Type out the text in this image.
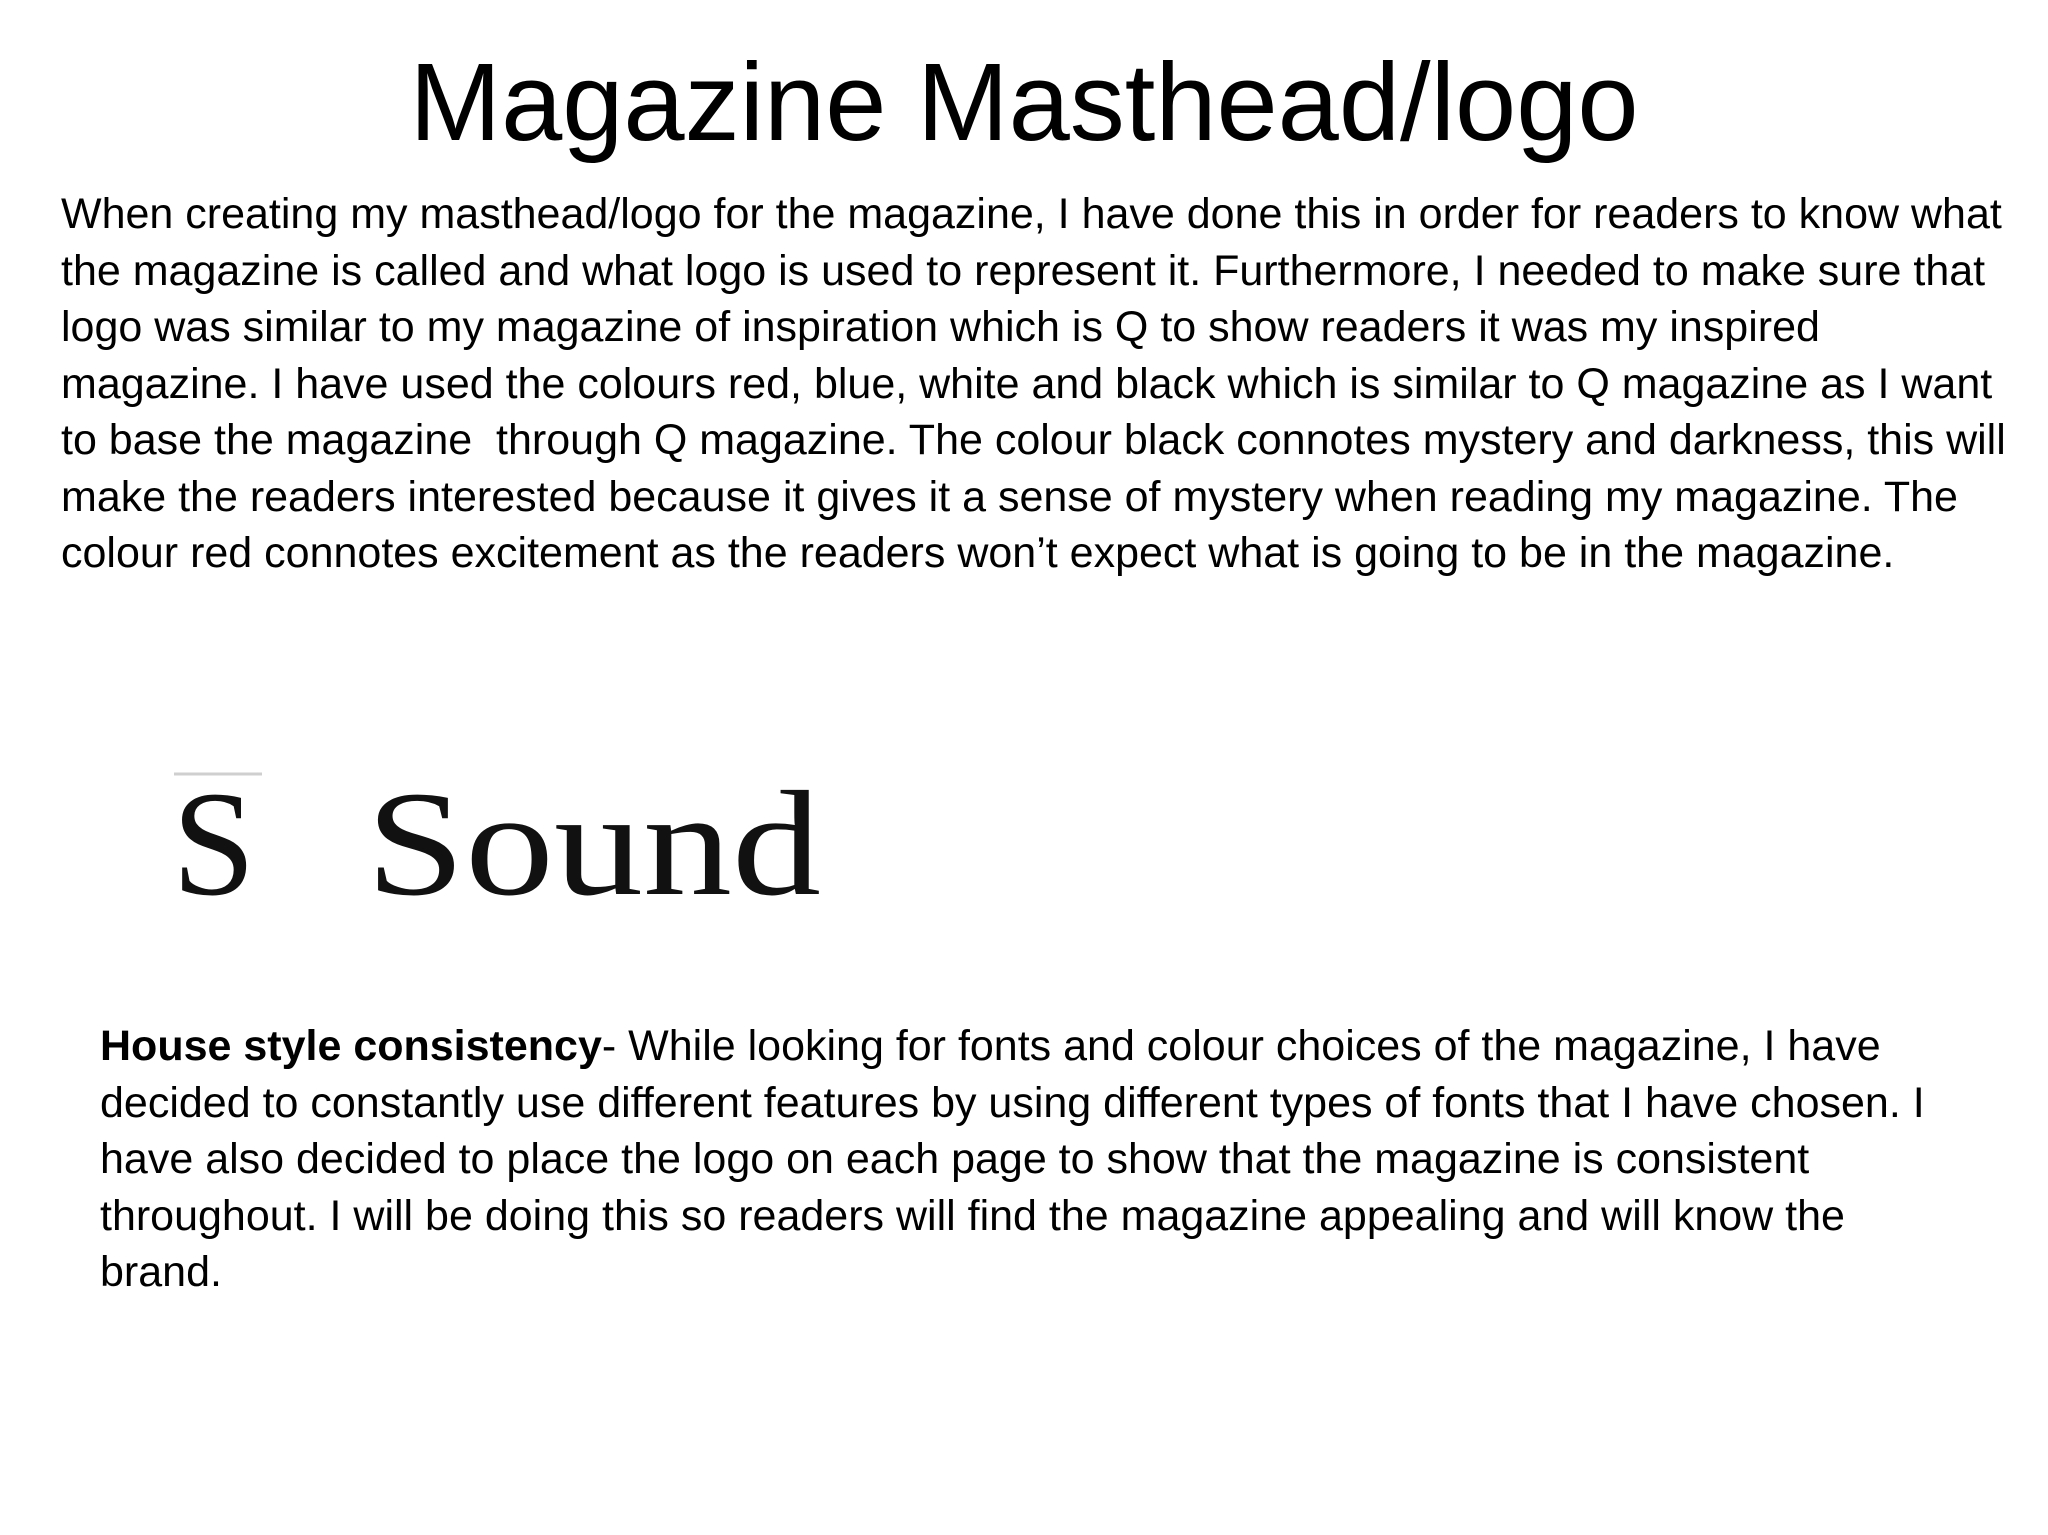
Magazine Masthead/logo

When creating my masthead/logo for the magazine, I have done this in order for readers to know what the magazine is called and what logo is used to represent it. Furthermore, I needed to make sure that logo was similar to my magazine of inspiration which is Q to show readers it was my inspired magazine. I have used the colours red, blue, white and black which is similar to Q magazine as I want to base the magazine  through Q magazine. The colour black connotes mystery and darkness, this will make the readers interested because it gives it a sense of mystery when reading my magazine. The colour red connotes excitement as the readers won’t expect what is going to be in the magazine.

S Sound

House style consistency- While looking for fonts and colour choices of the magazine, I have decided to constantly use different features by using different types of fonts that I have chosen. I have also decided to place the logo on each page to show that the magazine is consistent throughout. I will be doing this so readers will find the magazine appealing and will know the brand.
